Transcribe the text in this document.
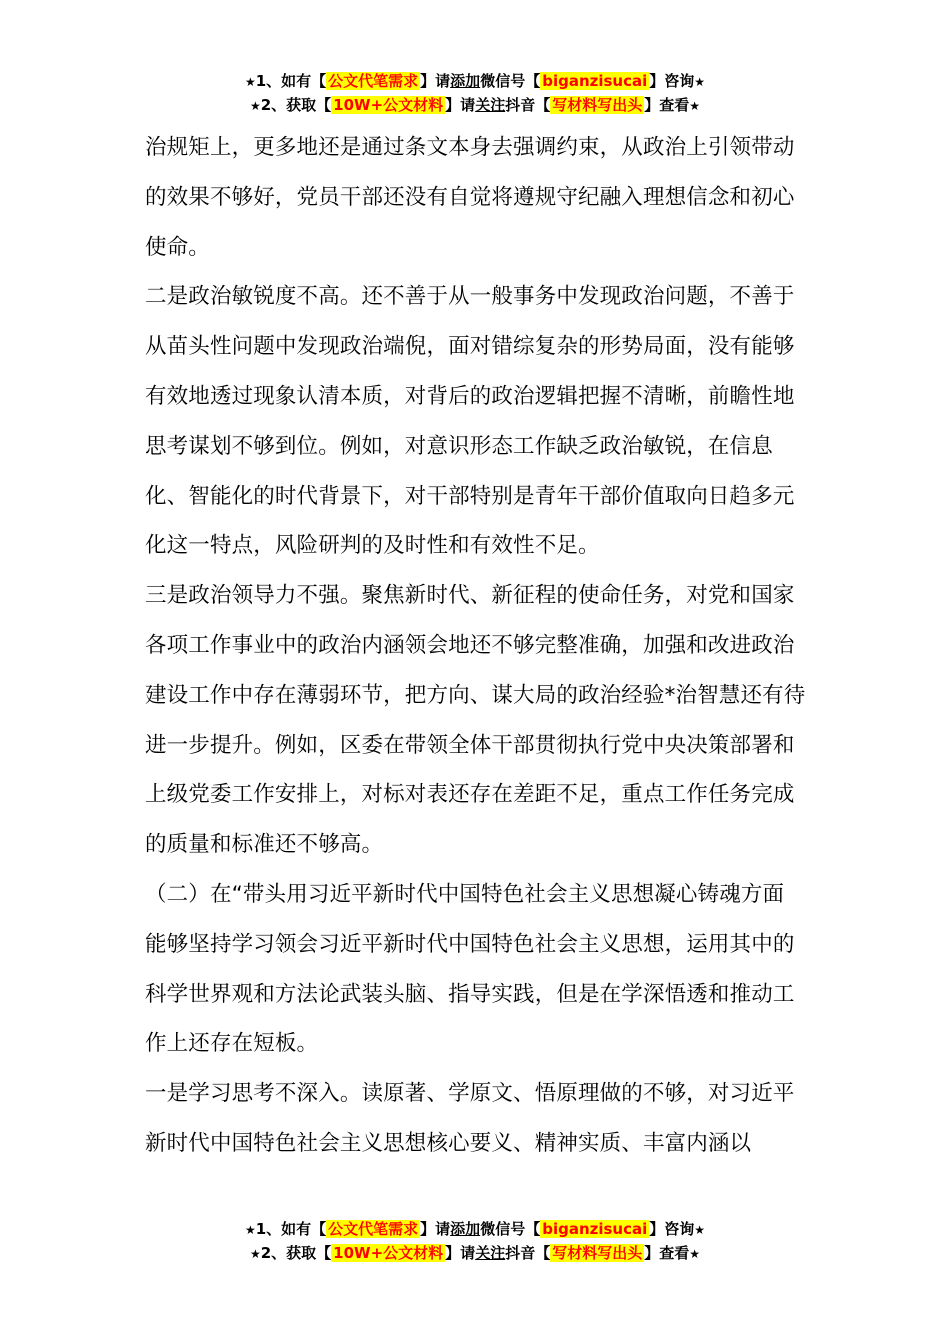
★1、如有【 公文代笔需求 】请添加微信号【 biganzisucai 】咨询★
★2、获取【 10W+公文材料 】请关注抖音【 写材料写出头 】查看★

治规矩上，更多地还是通过条文本身去强调约束，从政治上引领带动的效果不够好，党员干部还没有自觉将遵规守纪融入理想信念和初心使命。

二是政治敏锐度不高。还不善于从一般事务中发现政治问题，不善于从苗头性问题中发现政治端倪，面对错综复杂的形势局面，没有能够有效地透过现象认清本质，对背后的政治逻辑把握不清晰，前瞻性地思考谋划不够到位。例如，对意识形态工作缺乏政治敏锐，在信息化、智能化的时代背景下，对干部特别是青年干部价值取向日趋多元化这一特点，风险研判的及时性和有效性不足。

三是政治领导力不强。聚焦新时代、新征程的使命任务，对党和国家各项工作事业中的政治内涵领会地还不够完整准确，加强和改进政治建设工作中存在薄弱环节，把方向、谋大局的政治经验*治智慧还有待进一步提升。例如，区委在带领全体干部贯彻执行党中央决策部署和上级党委工作安排上，对标对表还存在差距不足，重点工作任务完成的质量和标准还不够高。

（二）在“带头用习近平新时代中国特色社会主义思想凝心铸魂方面

能够坚持学习领会习近平新时代中国特色社会主义思想，运用其中的科学世界观和方法论武装头脑、指导实践，但是在学深悟透和推动工作上还存在短板。

一是学习思考不深入。读原著、学原文、悟原理做的不够，对习近平新时代中国特色社会主义思想核心要义、精神实质、丰富内涵以

★1、如有【 公文代笔需求 】请添加微信号【 biganzisucai 】咨询★
★2、获取【 10W+公文材料 】请关注抖音【 写材料写出头 】查看★
